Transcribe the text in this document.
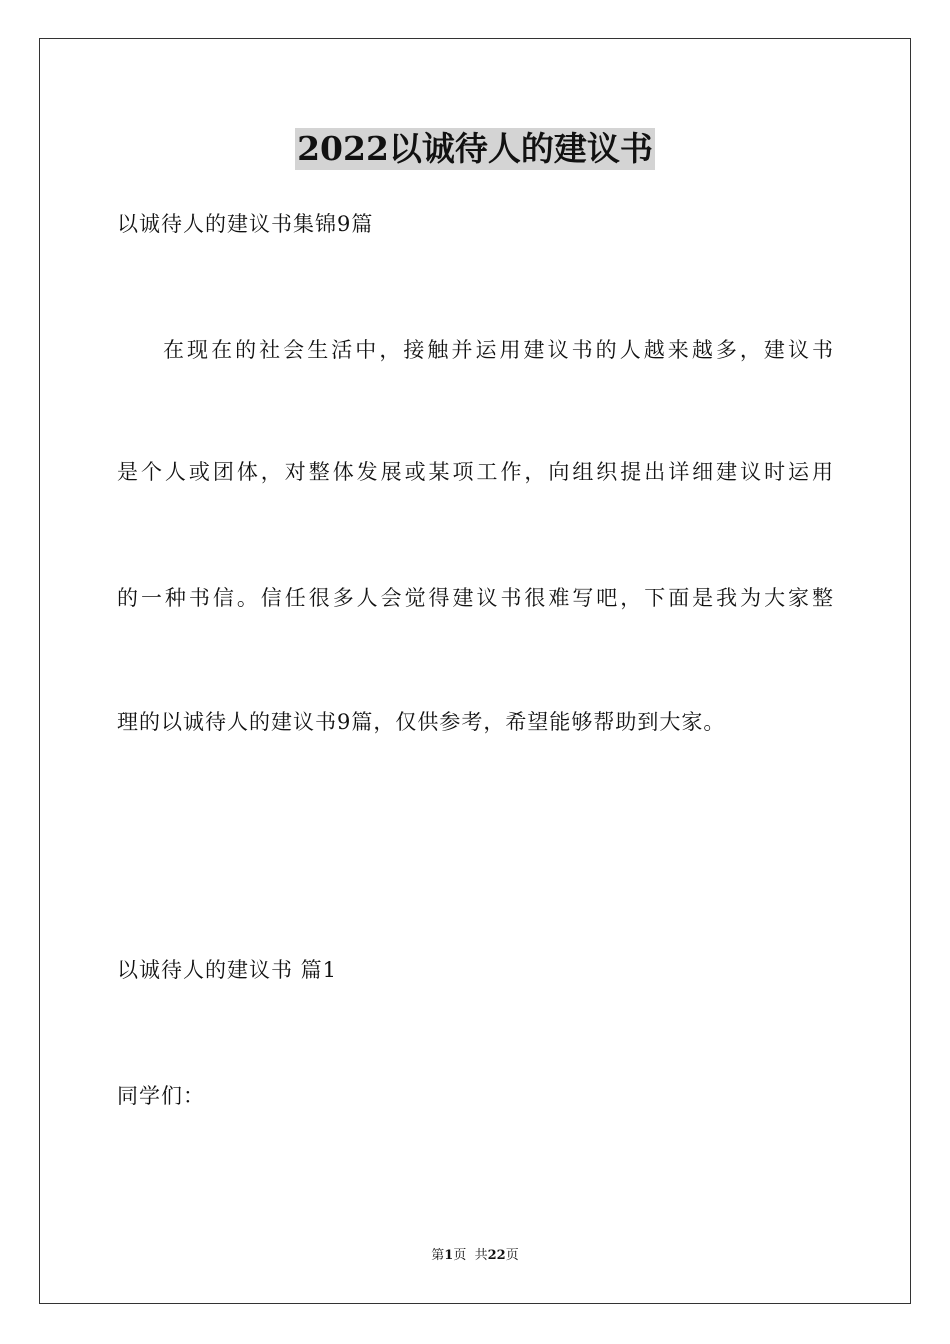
2022以诚待人的建议书
以诚待人的建议书集锦9篇
在现在的社会生活中，接触并运用建议书的人越来越多，建议书
是个人或团体，对整体发展或某项工作，向组织提出详细建议时运用
的一种书信。信任很多人会觉得建议书很难写吧，下面是我为大家整
理的以诚待人的建议书9篇，仅供参考，希望能够帮助到大家。
以诚待人的建议书 篇1
同学们：
第1页  共22页
